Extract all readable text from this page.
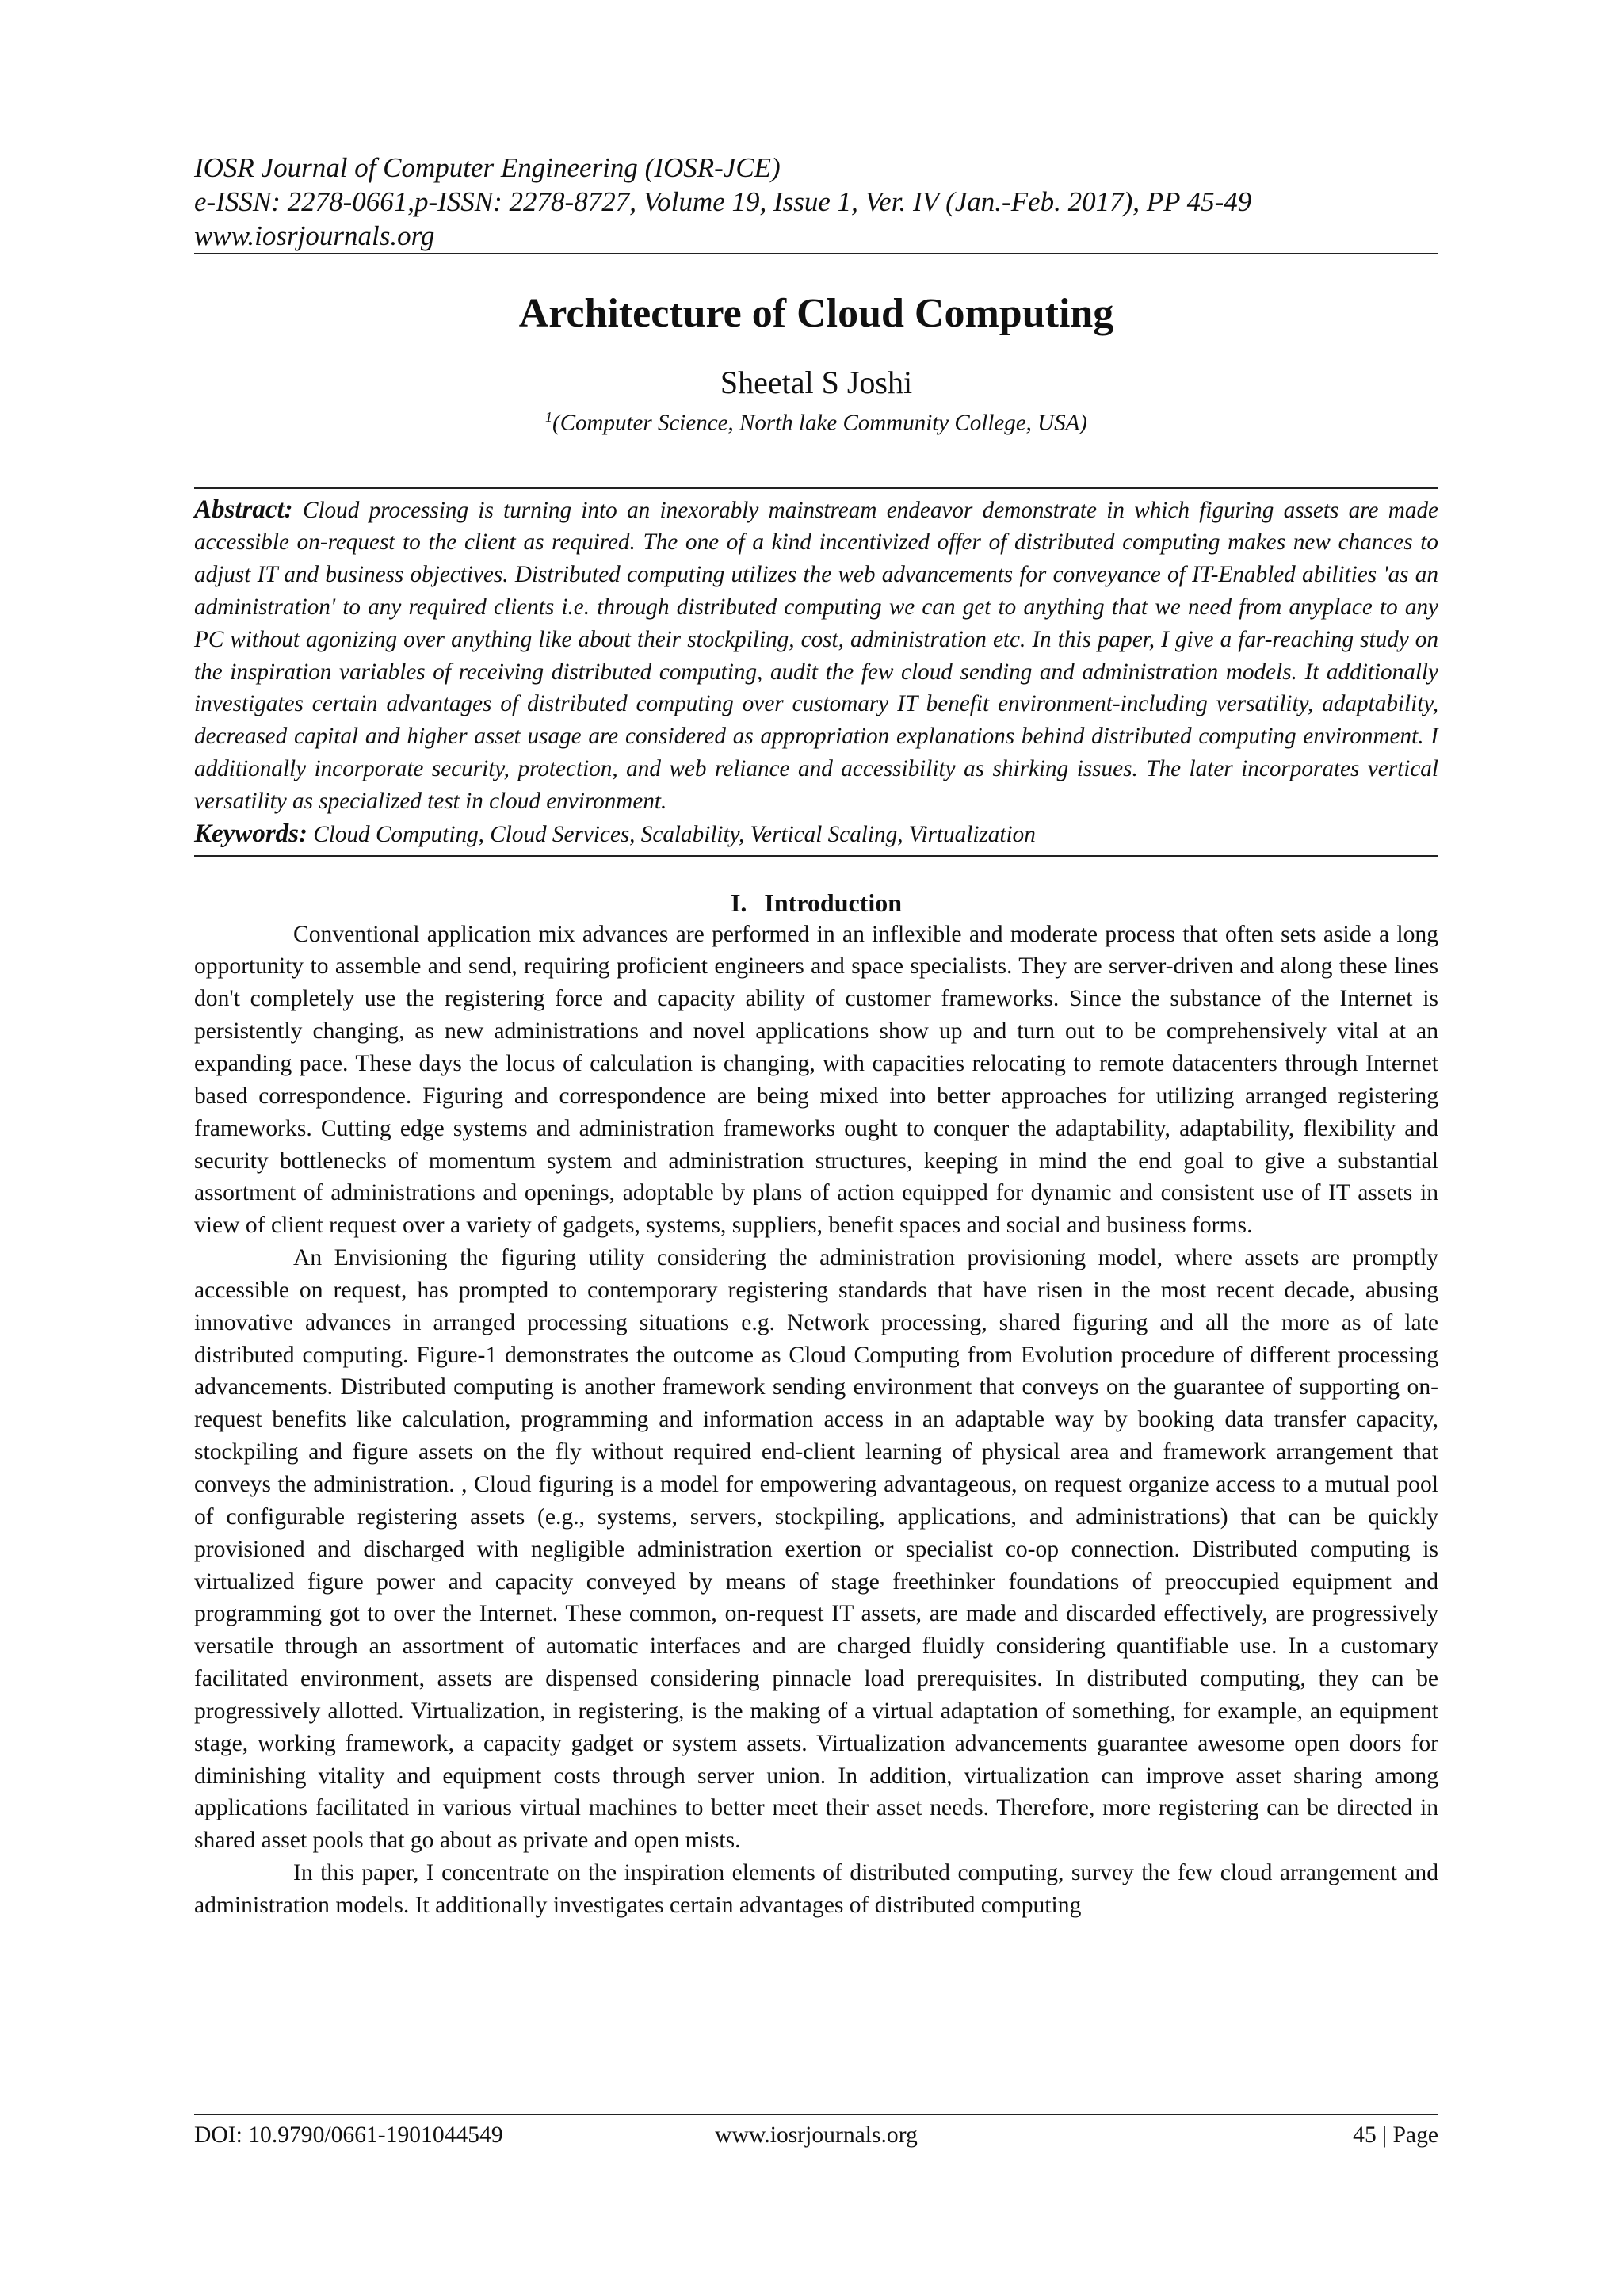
IOSR Journal of Computer Engineering (IOSR-JCE)
e-ISSN: 2278-0661,p-ISSN: 2278-8727, Volume 19, Issue 1, Ver. IV (Jan.-Feb. 2017), PP 45-49
www.iosrjournals.org
Architecture of Cloud Computing
Sheetal S Joshi
$^1$(Computer Science, North lake Community College, USA)

Abstract: Cloud processing is turning into an inexorably mainstream endeavor demonstrate in which figuring assets are made accessible on-request to the client as required. The one of a kind incentivized offer of distributed computing makes new chances to adjust IT and business objectives. Distributed computing utilizes the web advancements for conveyance of IT-Enabled abilities 'as an administration' to any required clients i.e. through distributed computing we can get to anything that we need from anyplace to any PC without agonizing over anything like about their stockpiling, cost, administration etc. In this paper, I give a far-reaching study on the inspiration variables of receiving distributed computing, audit the few cloud sending and administration models. It additionally investigates certain advantages of distributed computing over customary IT benefit environment-including versatility, adaptability, decreased capital and higher asset usage are considered as appropriation explanations behind distributed computing environment. I additionally incorporate security, protection, and web reliance and accessibility as shirking issues. The later incorporates vertical versatility as specialized test in cloud environment.

Keywords: Cloud Computing, Cloud Services, Scalability, Vertical Scaling, Virtualization

I. Introduction

Conventional application mix advances are performed in an inflexible and moderate process that often sets aside a long opportunity to assemble and send, requiring proficient engineers and space specialists. They are server-driven and along these lines don't completely use the registering force and capacity ability of customer frameworks. Since the substance of the Internet is persistently changing, as new administrations and novel applications show up and turn out to be comprehensively vital at an expanding pace. These days the locus of calculation is changing, with capacities relocating to remote datacenters through Internet based correspondence. Figuring and correspondence are being mixed into better approaches for utilizing arranged registering frameworks. Cutting edge systems and administration frameworks ought to conquer the adaptability, adaptability, flexibility and security bottlenecks of momentum system and administration structures, keeping in mind the end goal to give a substantial assortment of administrations and openings, adoptable by plans of action equipped for dynamic and consistent use of IT assets in view of client request over a variety of gadgets, systems, suppliers, benefit spaces and social and business forms.

An Envisioning the figuring utility considering the administration provisioning model, where assets are promptly accessible on request, has prompted to contemporary registering standards that have risen in the most recent decade, abusing innovative advances in arranged processing situations e.g. Network processing, shared figuring and all the more as of late distributed computing. Figure-1 demonstrates the outcome as Cloud Computing from Evolution procedure of different processing advancements. Distributed computing is another framework sending environment that conveys on the guarantee of supporting on-request benefits like calculation, programming and information access in an adaptable way by booking data transfer capacity, stockpiling and figure assets on the fly without required end-client learning of physical area and framework arrangement that conveys the administration. , Cloud figuring is a model for empowering advantageous, on request organize access to a mutual pool of configurable registering assets (e.g., systems, servers, stockpiling, applications, and administrations) that can be quickly provisioned and discharged with negligible administration exertion or specialist co-op connection. Distributed computing is virtualized figure power and capacity conveyed by means of stage freethinker foundations of preoccupied equipment and programming got to over the Internet. These common, on-request IT assets, are made and discarded effectively, are progressively versatile through an assortment of automatic interfaces and are charged fluidly considering quantifiable use. In a customary facilitated environment, assets are dispensed considering pinnacle load prerequisites. In distributed computing, they can be progressively allotted. Virtualization, in registering, is the making of a virtual adaptation of something, for example, an equipment stage, working framework, a capacity gadget or system assets. Virtualization advancements guarantee awesome open doors for diminishing vitality and equipment costs through server union. In addition, virtualization can improve asset sharing among applications facilitated in various virtual machines to better meet their asset needs. Therefore, more registering can be directed in shared asset pools that go about as private and open mists.

In this paper, I concentrate on the inspiration elements of distributed computing, survey the few cloud arrangement and administration models. It additionally investigates certain advantages of distributed computing

DOI: 10.9790/0661-1901044549	www.iosrjournals.org	45 | Page
